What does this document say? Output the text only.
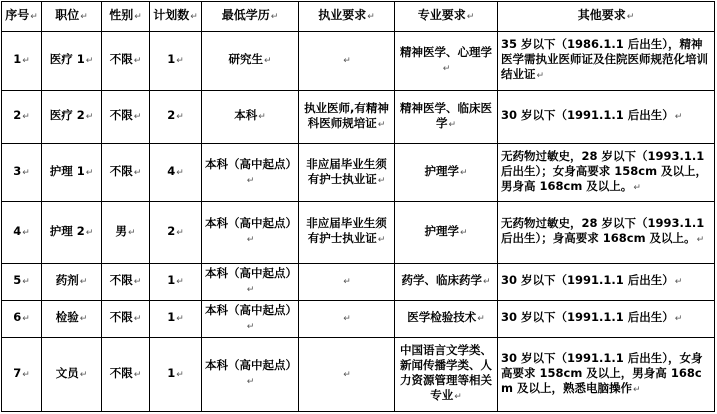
序号↵	职位↵	性别↵	计划数↵	最低学历↵	执业要求↵	专业要求↵	其他要求↵
1↵	医疗 1↵	不限↵	1↵	研究生↵	↵	精神医学、心理学↵	35 岁以下（1986.1.1 后出生），精神医学需执业医师证及住院医师规范化培训结业证↵
2↵	医疗 2↵	不限↵	2↵	本科↵	执业医师,有精神科医师规培证↵	精神医学、临床医学↵	30 岁以下（1991.1.1 后出生）↵
3↵	护理 1↵	不限↵	4↵	本科（高中起点）↵	非应届毕业生须有护士执业证↵	护理学↵	无药物过敏史，28 岁以下（1993.1.1 后出生）；女身高要求 158cm 及以上，男身高 168cm 及以上。↵
4↵	护理 2↵	男↵	2↵	本科（高中起点）↵	非应届毕业生须有护士执业证↵	护理学↵	无药物过敏史，28 岁以下（1993.1.1 后出生）；身高要求 168cm 及以上。↵
5↵	药剂↵	不限↵	1↵	本科（高中起点）↵	↵	药学、临床药学↵	30 岁以下（1991.1.1 后出生）↵
6↵	检验↵	不限↵	1↵	本科（高中起点）↵	↵	医学检验技术↵	30 岁以下（1991.1.1 后出生）↵
7↵	文员↵	不限↵	1↵	本科（高中起点）↵	↵	中国语言文学类、新闻传播学类、人力资源管理等相关专业↵	30 岁以下（1991.1.1 后出生），女身高要求 158cm 及以上，男身高 168cm 及以上，熟悉电脑操作↵
